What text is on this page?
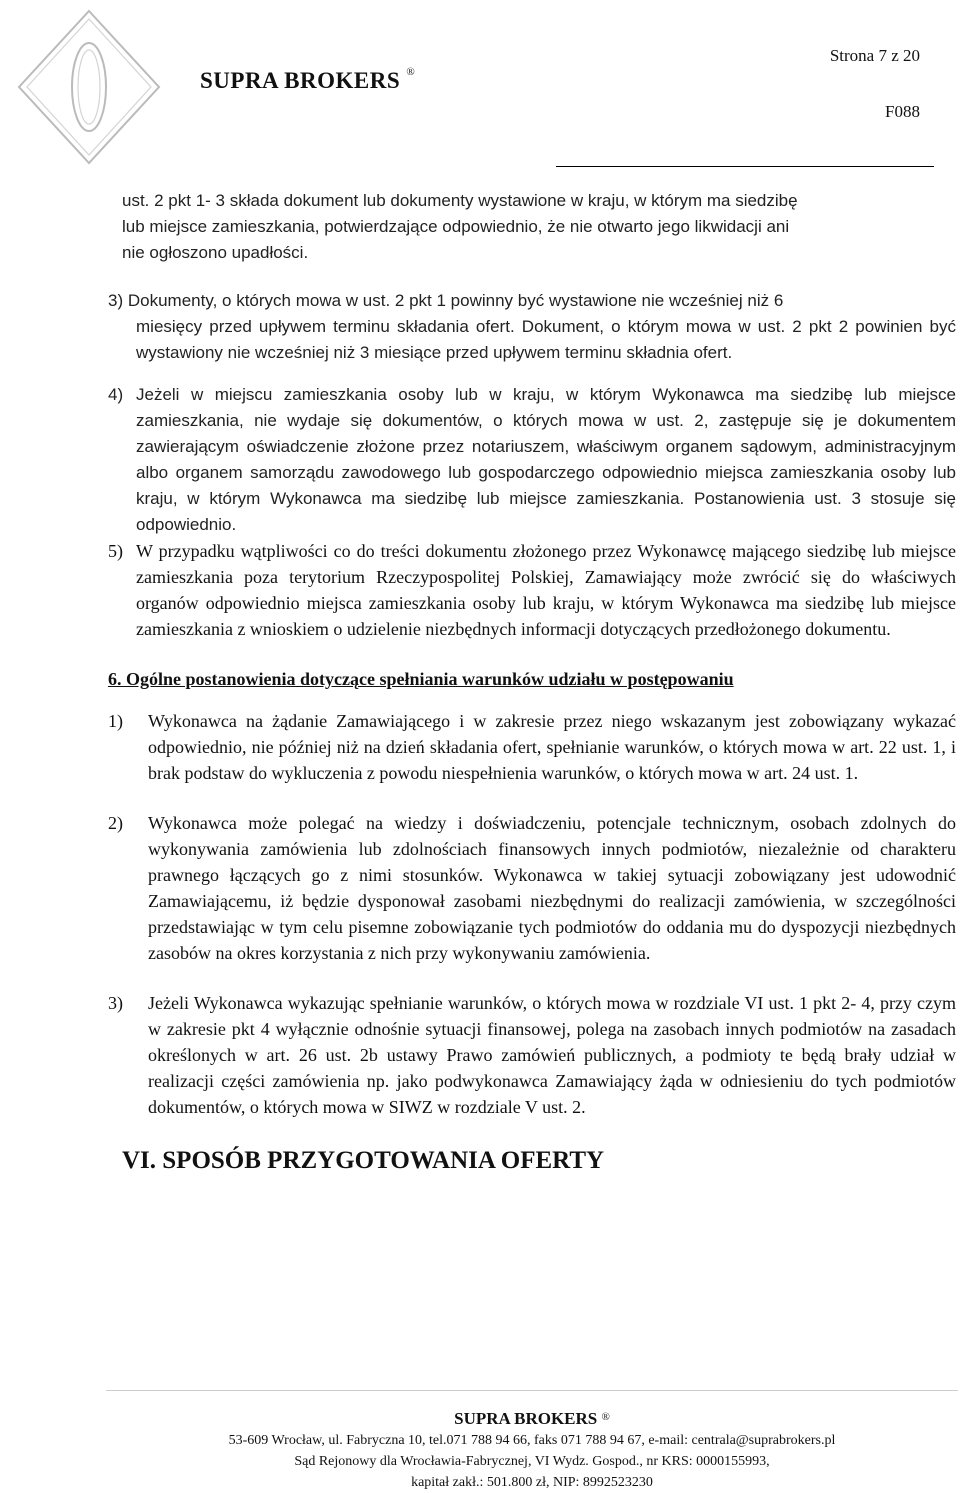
SUPRA BROKERS ®
Strona 7 z 20
F088
ust. 2 pkt 1- 3 składa dokument lub dokumenty wystawione w kraju, w którym ma siedzibę
lub miejsce zamieszkania, potwierdzające odpowiednio, że nie otwarto jego likwidacji ani
nie ogłoszono upadłości.
3) Dokumenty, o których mowa w ust. 2 pkt 1 powinny być wystawione nie wcześniej niż 6
miesięcy przed upływem terminu składania ofert. Dokument, o którym mowa w ust. 2 pkt 2 powinien być wystawiony nie wcześniej niż 3 miesiące przed upływem terminu składnia ofert.
4) Jeżeli w miejscu zamieszkania osoby lub w kraju, w którym Wykonawca ma siedzibę lub miejsce zamieszkania, nie wydaje się dokumentów, o których mowa w ust. 2, zastępuje się je dokumentem zawierającym oświadczenie złożone przez notariuszem, właściwym organem sądowym, administracyjnym albo organem samorządu zawodowego lub gospodarczego odpowiednio miejsca zamieszkania osoby lub kraju, w którym Wykonawca ma siedzibę lub miejsce zamieszkania. Postanowienia ust. 3 stosuje się odpowiednio.
5) W przypadku wątpliwości co do treści dokumentu złożonego przez Wykonawcę mającego siedzibę lub miejsce zamieszkania poza terytorium Rzeczypospolitej Polskiej, Zamawiający może zwrócić się do właściwych organów odpowiednio miejsca zamieszkania osoby lub kraju, w którym Wykonawca ma siedzibę lub miejsce zamieszkania z wnioskiem o udzielenie niezbędnych informacji dotyczących przedłożonego dokumentu.

6. Ogólne postanowienia dotyczące spełniania warunków udziału w postępowaniu

1)	Wykonawca na żądanie Zamawiającego i w zakresie przez niego wskazanym jest zobowiązany wykazać odpowiednio, nie później niż na dzień składania ofert, spełnianie warunków, o których mowa w art. 22 ust. 1, i brak podstaw do wykluczenia z powodu niespełnienia warunków, o których mowa w art. 24 ust. 1.
2)	Wykonawca może polegać na wiedzy i doświadczeniu, potencjale technicznym, osobach zdolnych do wykonywania zamówienia lub zdolnościach finansowych innych podmiotów, niezależnie od charakteru prawnego łączących go z nimi stosunków. Wykonawca w takiej sytuacji zobowiązany jest udowodnić Zamawiającemu, iż będzie dysponował zasobami niezbędnymi do realizacji zamówienia, w szczególności przedstawiając w tym celu pisemne zobowiązanie tych podmiotów do oddania mu do dyspozycji niezbędnych zasobów na okres korzystania z nich przy wykonywaniu zamówienia.
3)	Jeżeli Wykonawca wykazując spełnianie warunków, o których mowa w rozdziale VI ust. 1 pkt 2- 4, przy czym w zakresie pkt 4 wyłącznie odnośnie sytuacji finansowej, polega na zasobach innych podmiotów na zasadach określonych w art. 26 ust. 2b ustawy Prawo zamówień publicznych, a podmioty te będą brały udział w realizacji części zamówienia np. jako podwykonawca Zamawiający żąda w odniesieniu do tych podmiotów dokumentów, o których mowa w SIWZ w rozdziale V ust. 2.

VI. SPOSÓB PRZYGOTOWANIA OFERTY

SUPRA BROKERS ®
53-609 Wrocław, ul. Fabryczna 10, tel.071 788 94 66, faks 071 788 94 67, e-mail: centrala@suprabrokers.pl
Sąd Rejonowy dla Wrocławia-Fabrycznej, VI Wydz. Gospod., nr KRS: 0000155993,
kapitał zakł.: 501.800 zł, NIP: 8992523230
